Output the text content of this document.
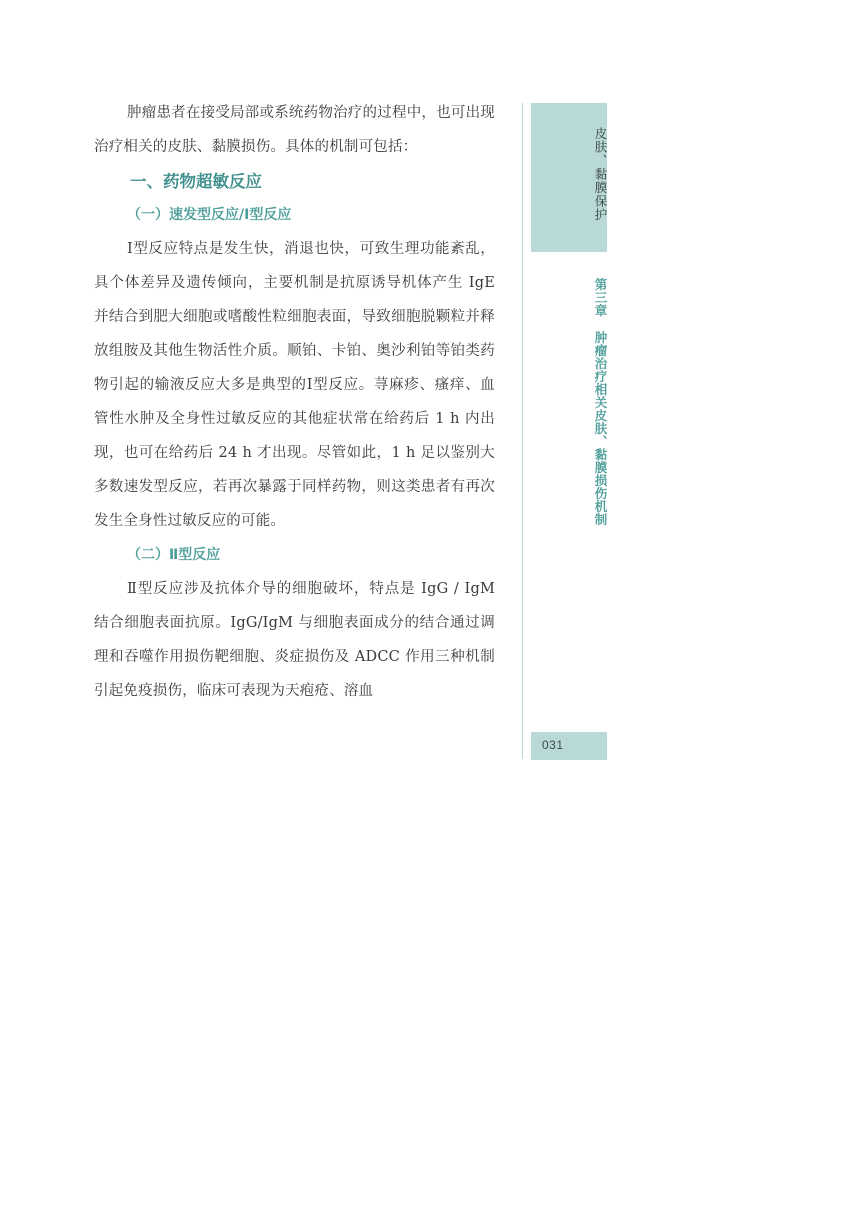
肿瘤患者在接受局部或系统药物治疗的过程中，也可出现治疗相关的皮肤、黏膜损伤。具体的机制可包括：

一、药物超敏反应
（一）速发型反应/Ⅰ型反应

Ⅰ型反应特点是发生快，消退也快，可致生理功能紊乱，具个体差异及遗传倾向，主要机制是抗原诱导机体产生 IgE 并结合到肥大细胞或嗜酸性粒细胞表面，导致细胞脱颗粒并释放组胺及其他生物活性介质。顺铂、卡铂、奥沙利铂等铂类药物引起的输液反应大多是典型的Ⅰ型反应。荨麻疹、瘙痒、血管性水肿及全身性过敏反应的其他症状常在给药后 1 h 内出现，也可在给药后 24 h 才出现。尽管如此，1 h 足以鉴别大多数速发型反应，若再次暴露于同样药物，则这类患者有再次发生全身性过敏反应的可能。

（二）Ⅱ型反应

Ⅱ型反应涉及抗体介导的细胞破坏，特点是 IgG / IgM 结合细胞表面抗原。IgG/IgM 与细胞表面成分的结合通过调理和吞噬作用损伤靶细胞、炎症损伤及 ADCC 作用三种机制引起免疫损伤，临床可表现为天疱疮、溶血

皮肤、黏膜保护
第三章肿瘤治疗相关皮肤、黏膜损伤机制
031
